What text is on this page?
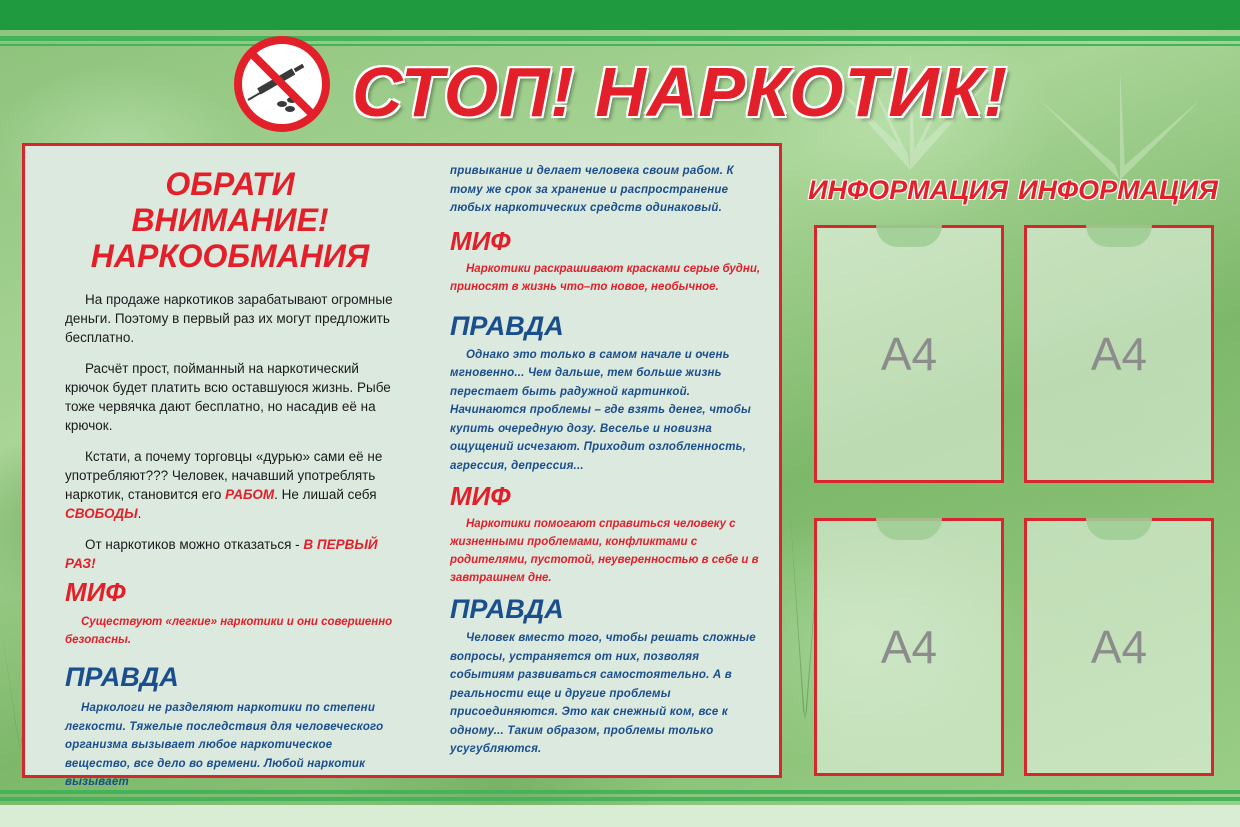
СТОП! НАРКОТИК!
ОБРАТИ ВНИМАНИЕ!
НАРКООБМАНИЯ

На продаже наркотиков зарабатывают огромные деньги. Поэтому в первый раз их могут предложить бесплатно.

Расчёт прост, пойманный на наркотический крючок будет платить всю оставшуюся жизнь. Рыбе тоже червячка дают бесплатно, но насадив её на крючок.

Кстати, а почему торговцы «дурью» сами её не употребляют??? Человек, начавший употреблять наркотик, становится его РАБОМ. Не лишай себя СВОБОДЫ.

От наркотиков можно отказаться - В ПЕРВЫЙ РАЗ!

МИФ

Существуют «легкие» наркотики и они совершенно безопасны.

ПРАВДА

Наркологи не разделяют наркотики по степени легкости. Тяжелые последствия для человеческого организма вызывает любое наркотическое вещество, все дело во времени. Любой наркотик вызывает

привыкание и делает человека своим рабом. К тому же срок за хранение и распространение любых наркотических средств одинаковый.

МИФ

Наркотики раскрашивают красками серые будни, приносят в жизнь что–то новое, необычное.

ПРАВДА

Однако это только в самом начале и очень мгновенно... Чем дальше, тем больше жизнь перестает быть радужной картинкой. Начинаются проблемы – где взять денег, чтобы купить очередную дозу. Веселье и новизна ощущений исчезают. Приходит озлобленность, агрессия, депрессия...

МИФ

Наркотики помогают справиться человеку с жизненными проблемами, конфликтами с родителями, пустотой, неуверенностью в себе и в завтрашнем дне.

ПРАВДА

Человек вместо того, чтобы решать сложные вопросы, устраняется от них, позволяя событиям развиваться самостоятельно. А в реальности еще и другие проблемы присоединяются. Это как снежный ком, все к одному... Таким образом, проблемы только усугубляются.

ИНФОРМАЦИЯ ИНФОРМАЦИЯ
А4	А4
А4	А4
